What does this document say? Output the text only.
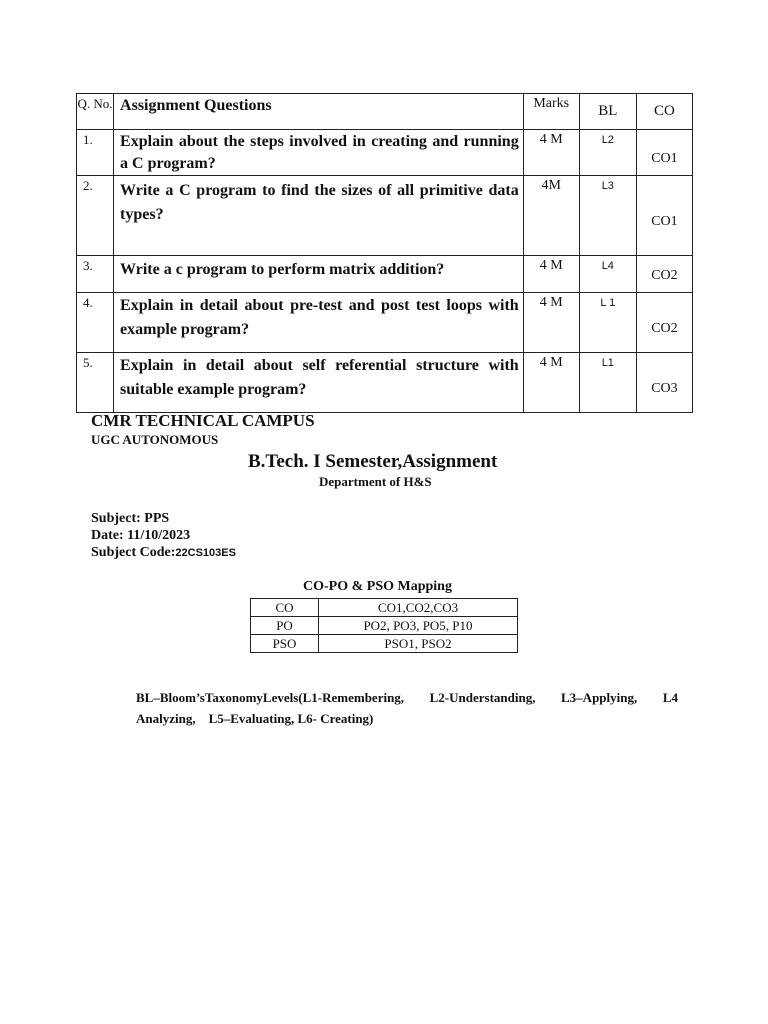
Q. No.	Assignment Questions	Marks	BL	CO
1.	Explain about the steps involved in creating and running a C program?	4 M	L2	CO1
2.	Write a C program to find the sizes of all primitive data types?	4M	L3	CO1
3.	Write a c program to perform matrix addition?	4 M	L4	CO2
4.	Explain in detail about pre-test and post test loops with example program?	4 M	L 1	CO2
5.	Explain in detail about self referential structure with suitable example program?	4 M	L1	CO3
CMR TECHNICAL CAMPUS
UGC AUTONOMOUS
B.Tech. I Semester,Assignment
Department of H&S
Subject: PPS
Date: 11/10/2023
Subject Code:22CS103ES
CO-PO & PSO Mapping
CO	CO1,CO2,CO3
PO	PO2, PO3, PO5, P10
PSO	PSO1, PSO2
BL–Bloom’sTaxonomyLevels(L1-Remembering, L2-Understanding, L3–Applying, L4
Analyzing,    L5–Evaluating, L6- Creating)
